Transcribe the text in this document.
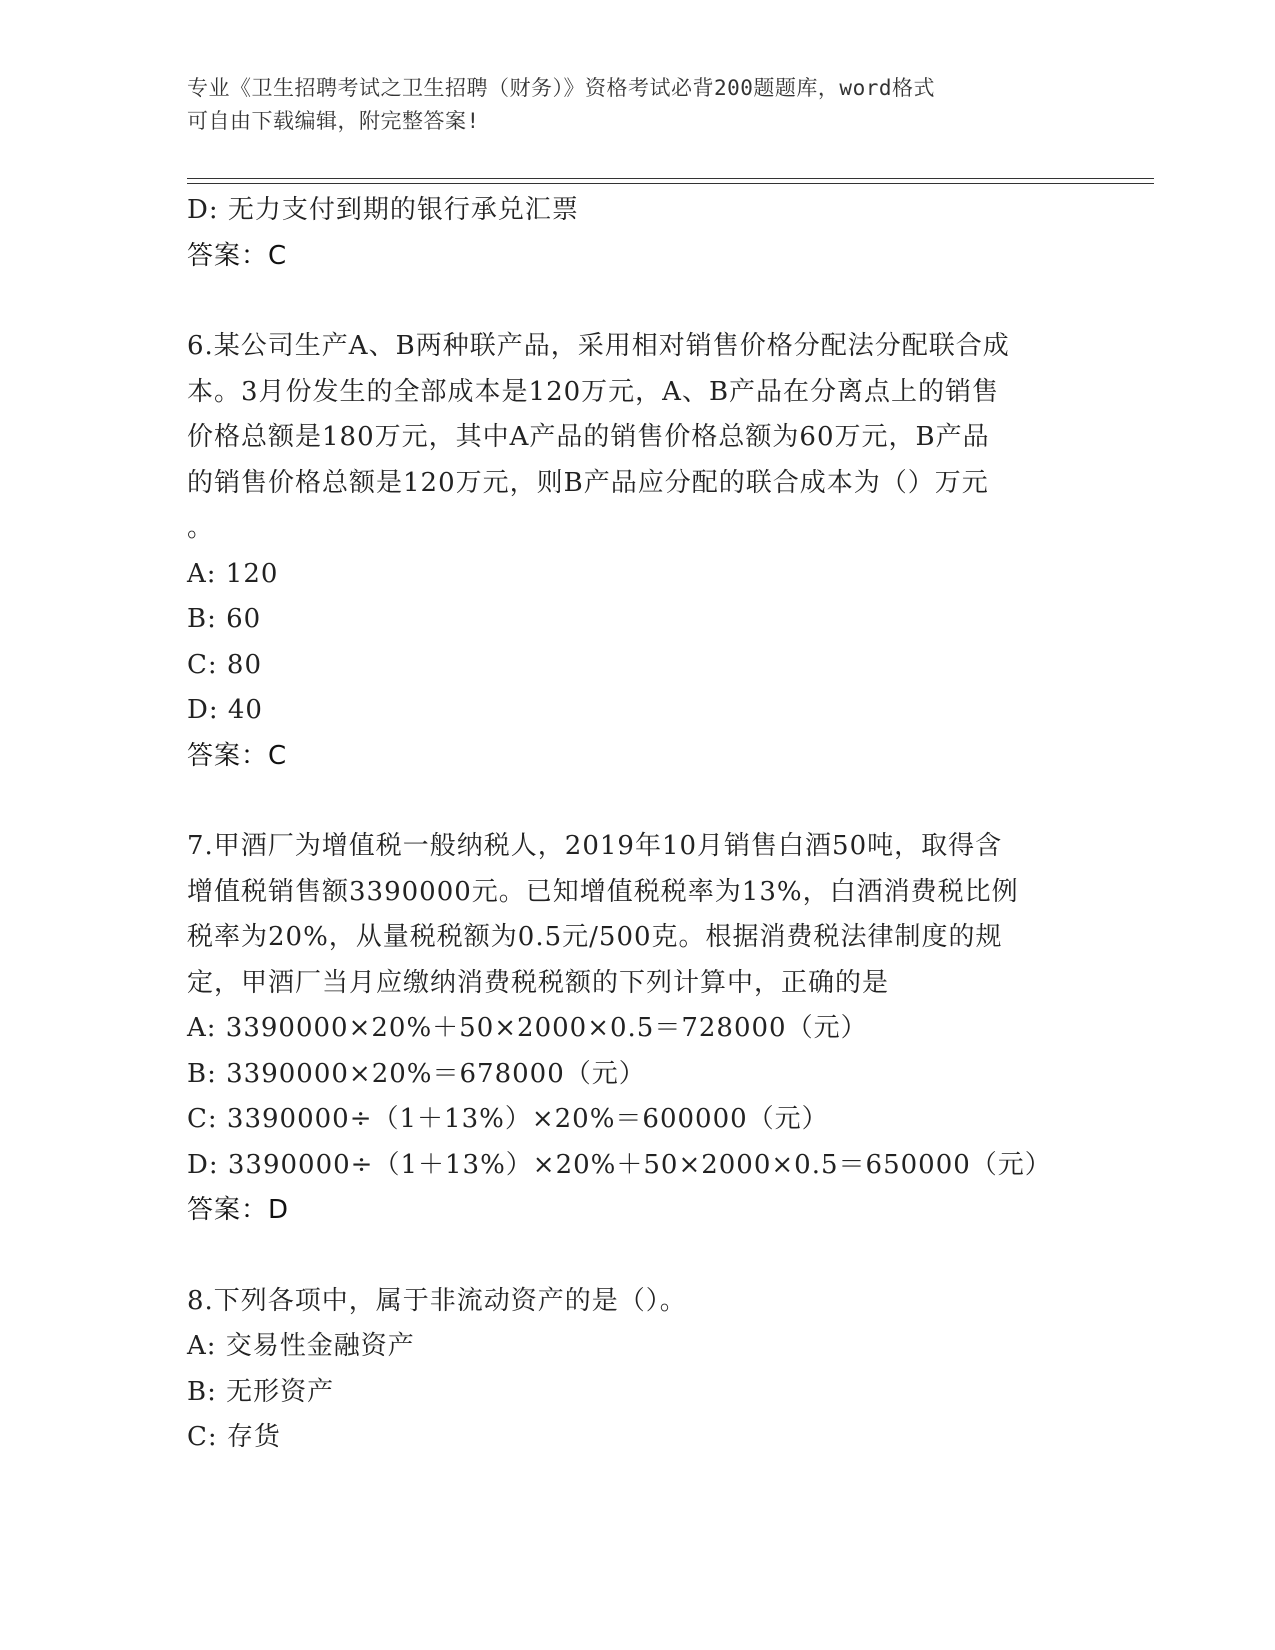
专业《卫生招聘考试之卫生招聘（财务）》资格考试必背200题题库，word格式
可自由下载编辑，附完整答案!
D: 无力支付到期的银行承兑汇票
答案：C
6.某公司生产A、B两种联产品，采用相对销售价格分配法分配联合成
本。3月份发生的全部成本是120万元，A、B产品在分离点上的销售
价格总额是180万元，其中A产品的销售价格总额为60万元，B产品
的销售价格总额是120万元，则B产品应分配的联合成本为（）万元
。
A: 120
B: 60
C: 80
D: 40
答案：C
7.甲酒厂为增值税一般纳税人，2019年10月销售白酒50吨，取得含
增值税销售额3390000元。已知增值税税率为13%，白酒消费税比例
税率为20%，从量税税额为0.5元/500克。根据消费税法律制度的规
定，甲酒厂当月应缴纳消费税税额的下列计算中，正确的是
A: 3390000×20%＋50×2000×0.5＝728000（元）
B: 3390000×20%＝678000（元）
C: 3390000÷（1＋13%）×20%＝600000（元）
D: 3390000÷（1＋13%）×20%＋50×2000×0.5＝650000（元）
答案：D
8.下列各项中，属于非流动资产的是（）。
A: 交易性金融资产
B: 无形资产
C: 存货
